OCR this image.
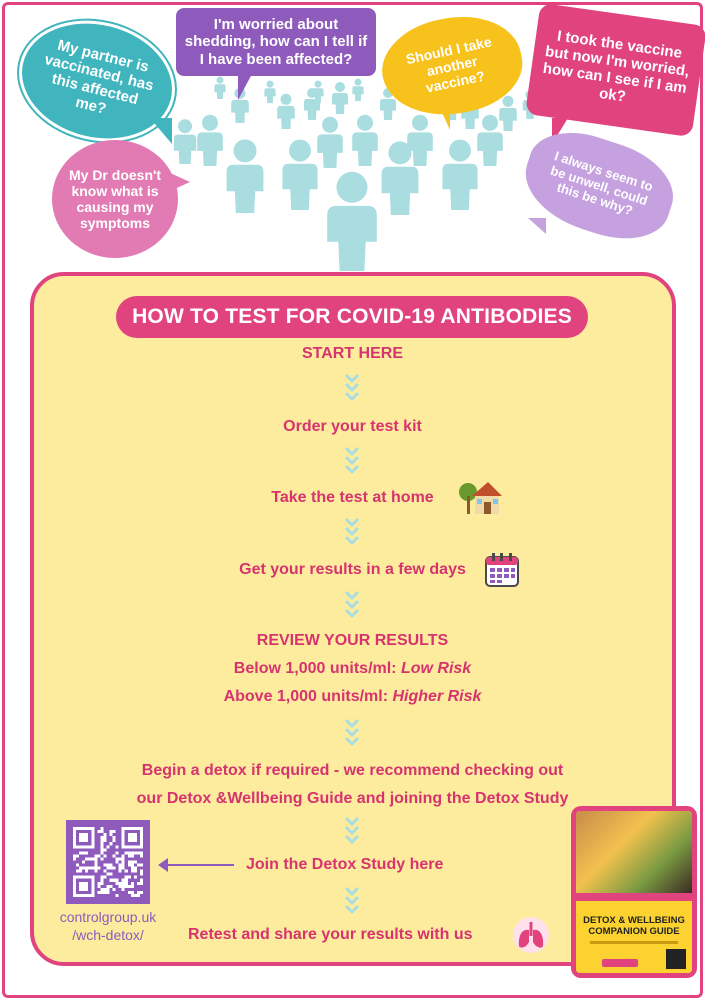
My partner is vaccinated, has this affected me?
I'm worried about shedding, how can I tell if I have been affected?	Should I take another vaccine?
I took the vaccine but now I'm worried, how can I see if I am ok?
My Dr doesn't know what is causing my symptoms
I always seem to be unwell, could this be why?
HOW TO TEST FOR COVID-19 ANTIBODIES
START HERE
Order your test kit
Take the test at home
Get your results in a few days
REVIEW YOUR RESULTS
Below 1,000 units/ml: Low Risk
Above 1,000 units/ml: Higher Risk
Begin a detox if required - we recommend checking out
our Detox &Wellbeing Guide and joining the Detox Study
Join the Detox Study here
Retest and share your results with us
controlgroup.uk
/wch-detox/
DETOX & WELLBEING COMPANION GUIDE
